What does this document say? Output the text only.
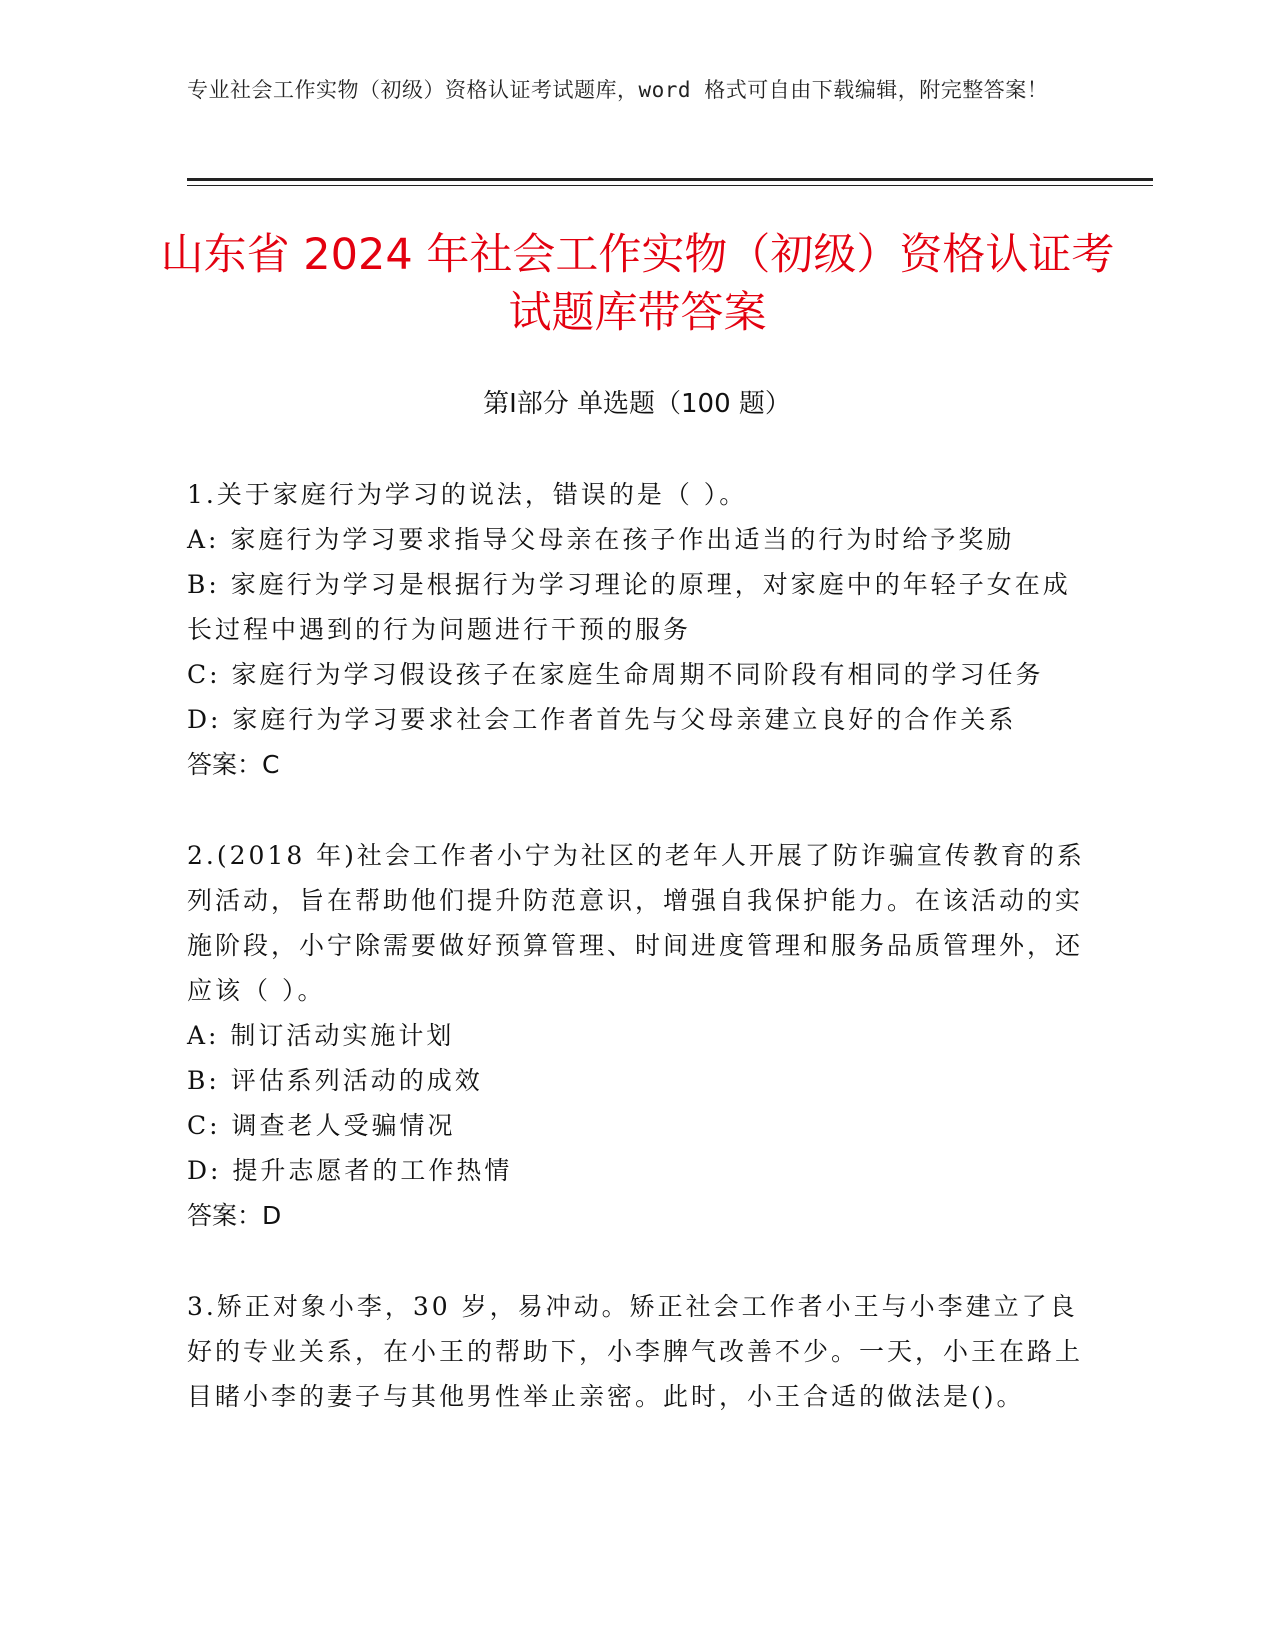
专业社会工作实物（初级）资格认证考试题库，word 格式可自由下载编辑，附完整答案！
山东省 2024 年社会工作实物（初级）资格认证考试题库带答案
第Ⅰ部分 单选题（100 题）
1.关于家庭行为学习的说法，错误的是（ ）。
A: 家庭行为学习要求指导父母亲在孩子作出适当的行为时给予奖励
B: 家庭行为学习是根据行为学习理论的原理，对家庭中的年轻子女在成长过程中遇到的行为问题进行干预的服务
C: 家庭行为学习假设孩子在家庭生命周期不同阶段有相同的学习任务
D: 家庭行为学习要求社会工作者首先与父母亲建立良好的合作关系
答案：C
2.(2018 年)社会工作者小宁为社区的老年人开展了防诈骗宣传教育的系列活动，旨在帮助他们提升防范意识，增强自我保护能力。在该活动的实施阶段，小宁除需要做好预算管理、时间进度管理和服务品质管理外，还应该（ ）。
A: 制订活动实施计划
B: 评估系列活动的成效
C: 调查老人受骗情况
D: 提升志愿者的工作热情
答案：D
3.矫正对象小李，30 岁，易冲动。矫正社会工作者小王与小李建立了良好的专业关系，在小王的帮助下，小李脾气改善不少。一天，小王在路上目睹小李的妻子与其他男性举止亲密。此时，小王合适的做法是()。
